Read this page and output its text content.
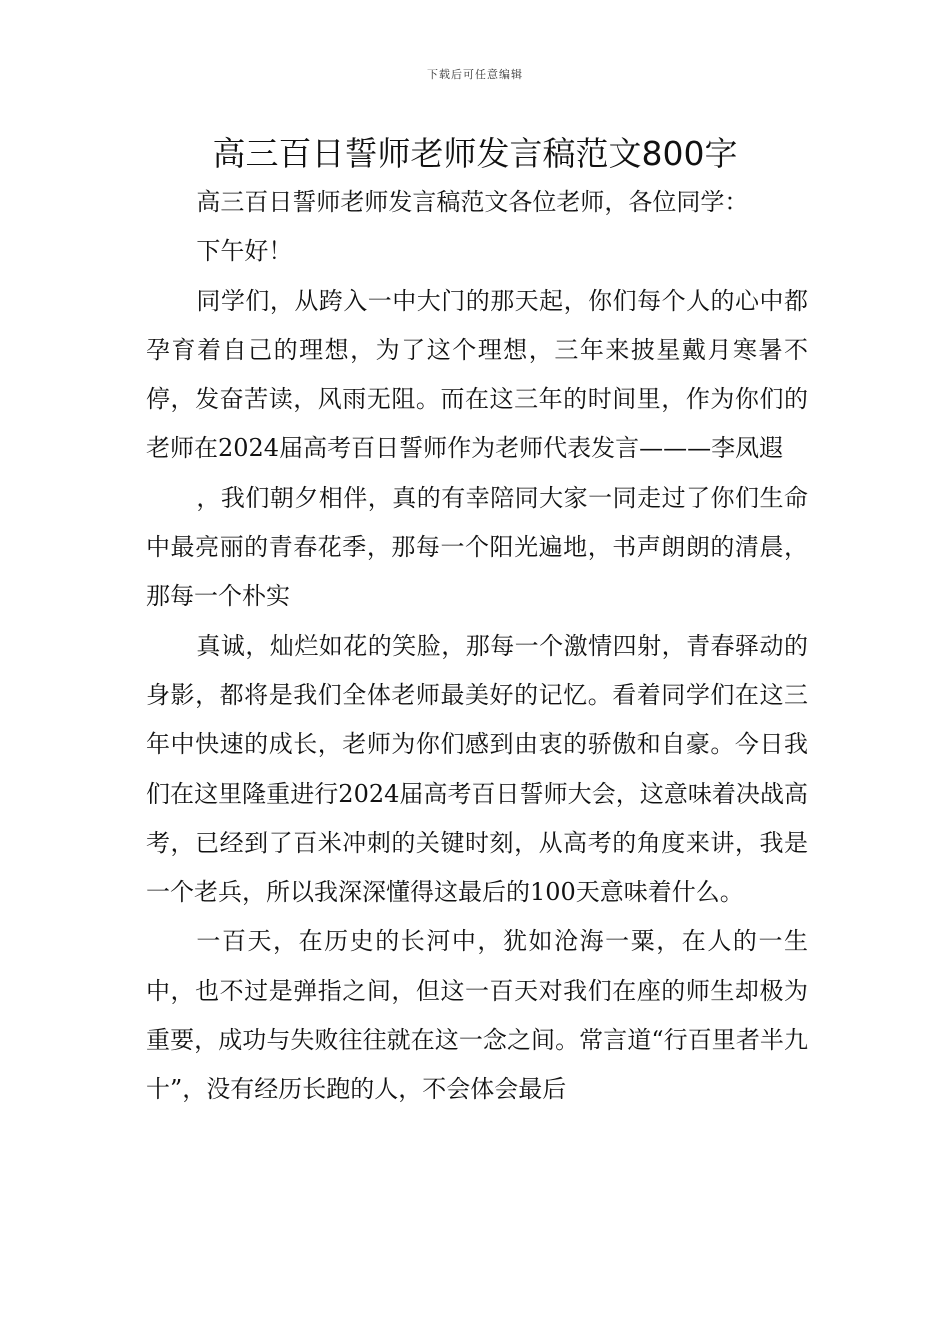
下载后可任意编辑
高三百日誓师老师发言稿范文800字

高三百日誓师老师发言稿范文各位老师，各位同学：

下午好！

同学们，从跨入一中大门的那天起，你们每个人的心中都孕育着自己的理想，为了这个理想，三年来披星戴月寒暑不停，发奋苦读，风雨无阻。而在这三年的时间里，作为你们的老师在2024届高考百日誓师作为老师代表发言———李凤遐

，我们朝夕相伴，真的有幸陪同大家一同走过了你们生命中最亮丽的青春花季，那每一个阳光遍地，书声朗朗的清晨，那每一个朴实

真诚，灿烂如花的笑脸，那每一个激情四射，青春驿动的身影，都将是我们全体老师最美好的记忆。看着同学们在这三年中快速的成长，老师为你们感到由衷的骄傲和自豪。今日我们在这里隆重进行2024届高考百日誓师大会，这意味着决战高考，已经到了百米冲刺的关键时刻，从高考的角度来讲，我是一个老兵，所以我深深懂得这最后的100天意味着什么。

一百天，在历史的长河中，犹如沧海一粟，在人的一生中，也不过是弹指之间，但这一百天对我们在座的师生却极为重要，成功与失败往往就在这一念之间。常言道“行百里者半九十”，没有经历长跑的人，不会体会最后
